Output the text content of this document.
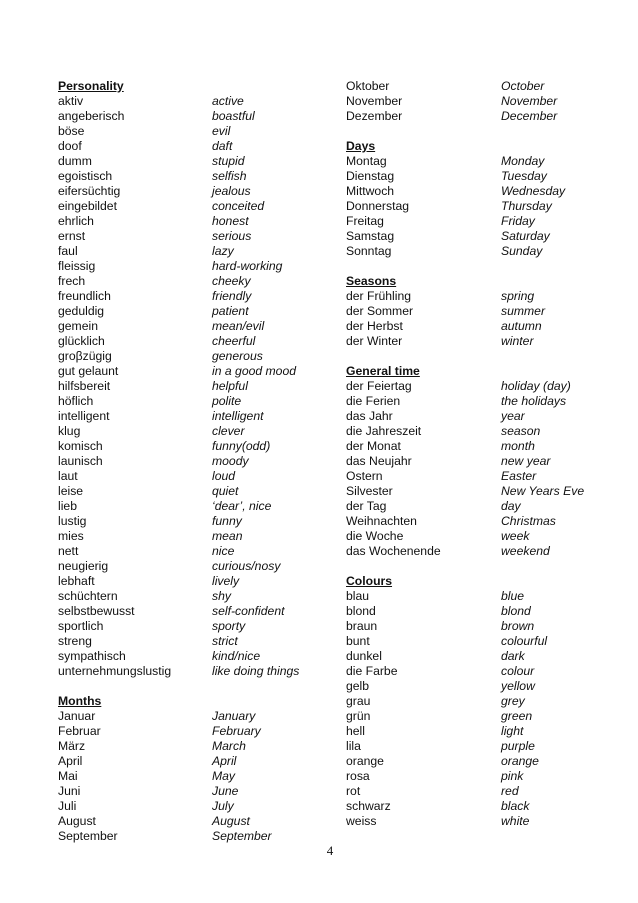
Personality
aktiv	active
angeberisch	boastful
böse	evil
doof	daft
dumm	stupid
egoistisch	selfish
eifersüchtig	jealous
eingebildet	conceited
ehrlich	honest
ernst	serious
faul	lazy
fleissig	hard-working
frech	cheeky
freundlich	friendly
geduldig	patient
gemein	mean/evil
glücklich	cheerful
groβzügig	generous
gut gelaunt	in a good mood
hilfsbereit	helpful
höflich	polite
intelligent	intelligent
klug	clever
komisch	funny(odd)
launisch	moody
laut	loud
leise	quiet
lieb	‘dear’, nice
lustig	funny
mies	mean
nett	nice
neugierig	curious/nosy
lebhaft	lively
schüchtern	shy
selbstbewusst	self-confident
sportlich	sporty
streng	strict
sympathisch	kind/nice
unternehmungslustig	like doing things
Months
Januar	January
Februar	February
März	March
April	April
Mai	May
Juni	June
Juli	July
August	August
September	September
Oktober	October
November	November
Dezember	December
Days
Montag	Monday
Dienstag	Tuesday
Mittwoch	Wednesday
Donnerstag	Thursday
Freitag	Friday
Samstag	Saturday
Sonntag	Sunday
Seasons
der Frühling	spring
der Sommer	summer
der Herbst	autumn
der Winter	winter
General time
der Feiertag	holiday (day)
die Ferien	the holidays
das Jahr	year
die Jahreszeit	season
der Monat	month
das Neujahr	new year
Ostern	Easter
Silvester	New Years Eve
der Tag	day
Weihnachten	Christmas
die Woche	week
das Wochenende	weekend
Colours
blau	blue
blond	blond
braun	brown
bunt	colourful
dunkel	dark
die Farbe	colour
gelb	yellow
grau	grey
grün	green
hell	light
lila	purple
orange	orange
rosa	pink
rot	red
schwarz	black
weiss	white
4
